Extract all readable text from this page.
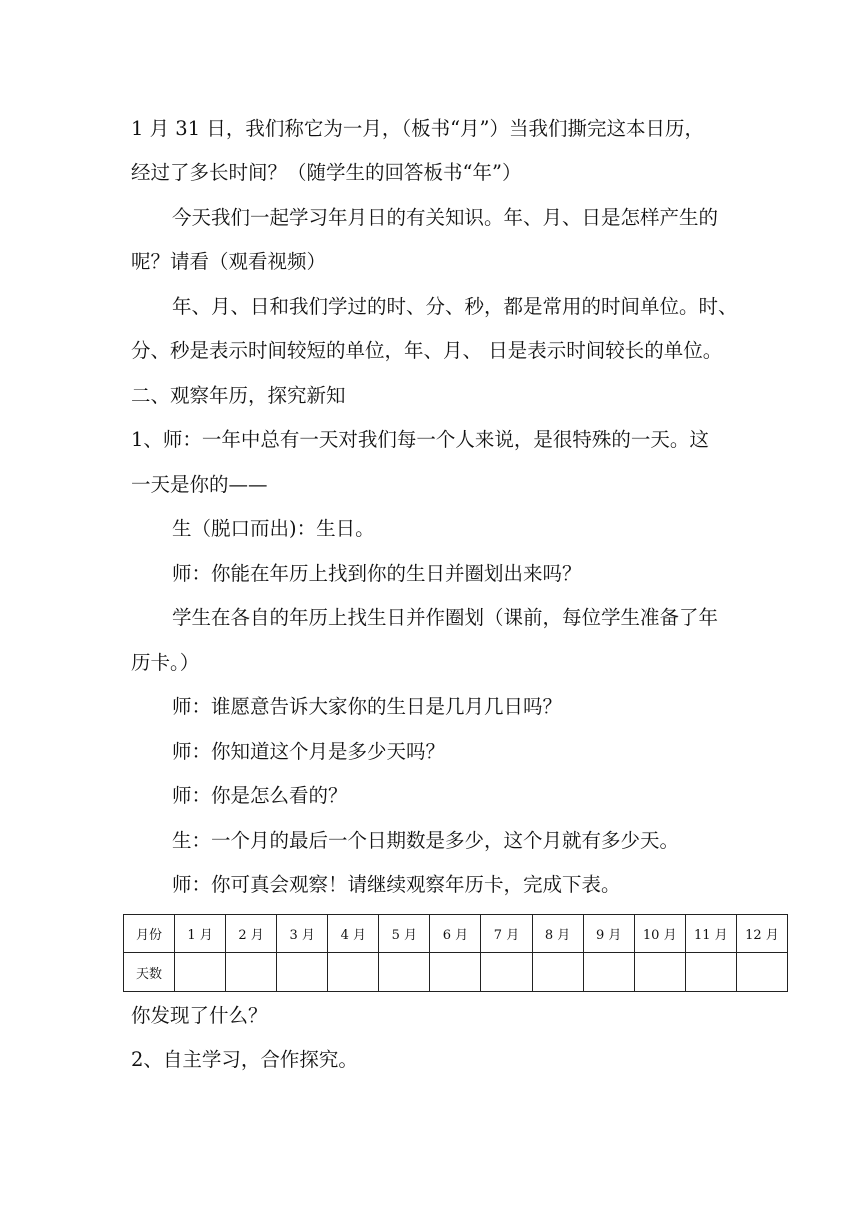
1 月 31 日，我们称它为一月，（板书“月”）当我们撕完这本日历，
经过了多长时间？（随学生的回答板书“年”）
今天我们一起学习年月日的有关知识。年、月、日是怎样产生的
呢？请看（观看视频）
年、月、日和我们学过的时、分、秒，都是常用的时间单位。时、
分、秒是表示时间较短的单位，年、月、 日是表示时间较长的单位。
二、观察年历，探究新知
1、师：一年中总有一天对我们每一个人来说，是很特殊的一天。这
一天是你的——
生（脱口而出)：生日。
师：你能在年历上找到你的生日并圈划出来吗？
学生在各自的年历上找生日并作圈划（课前，每位学生准备了年
历卡。）
师：谁愿意告诉大家你的生日是几月几日吗？
师：你知道这个月是多少天吗？
师：你是怎么看的？
生：一个月的最后一个日期数是多少，这个月就有多少天。
师：你可真会观察！请继续观察年历卡，完成下表。
月份	1 月	2 月	3 月	4 月	5 月	6 月	7 月	8 月	9 月	10 月	11 月	12 月
天数												
你发现了什么？
2、自主学习，合作探究。
